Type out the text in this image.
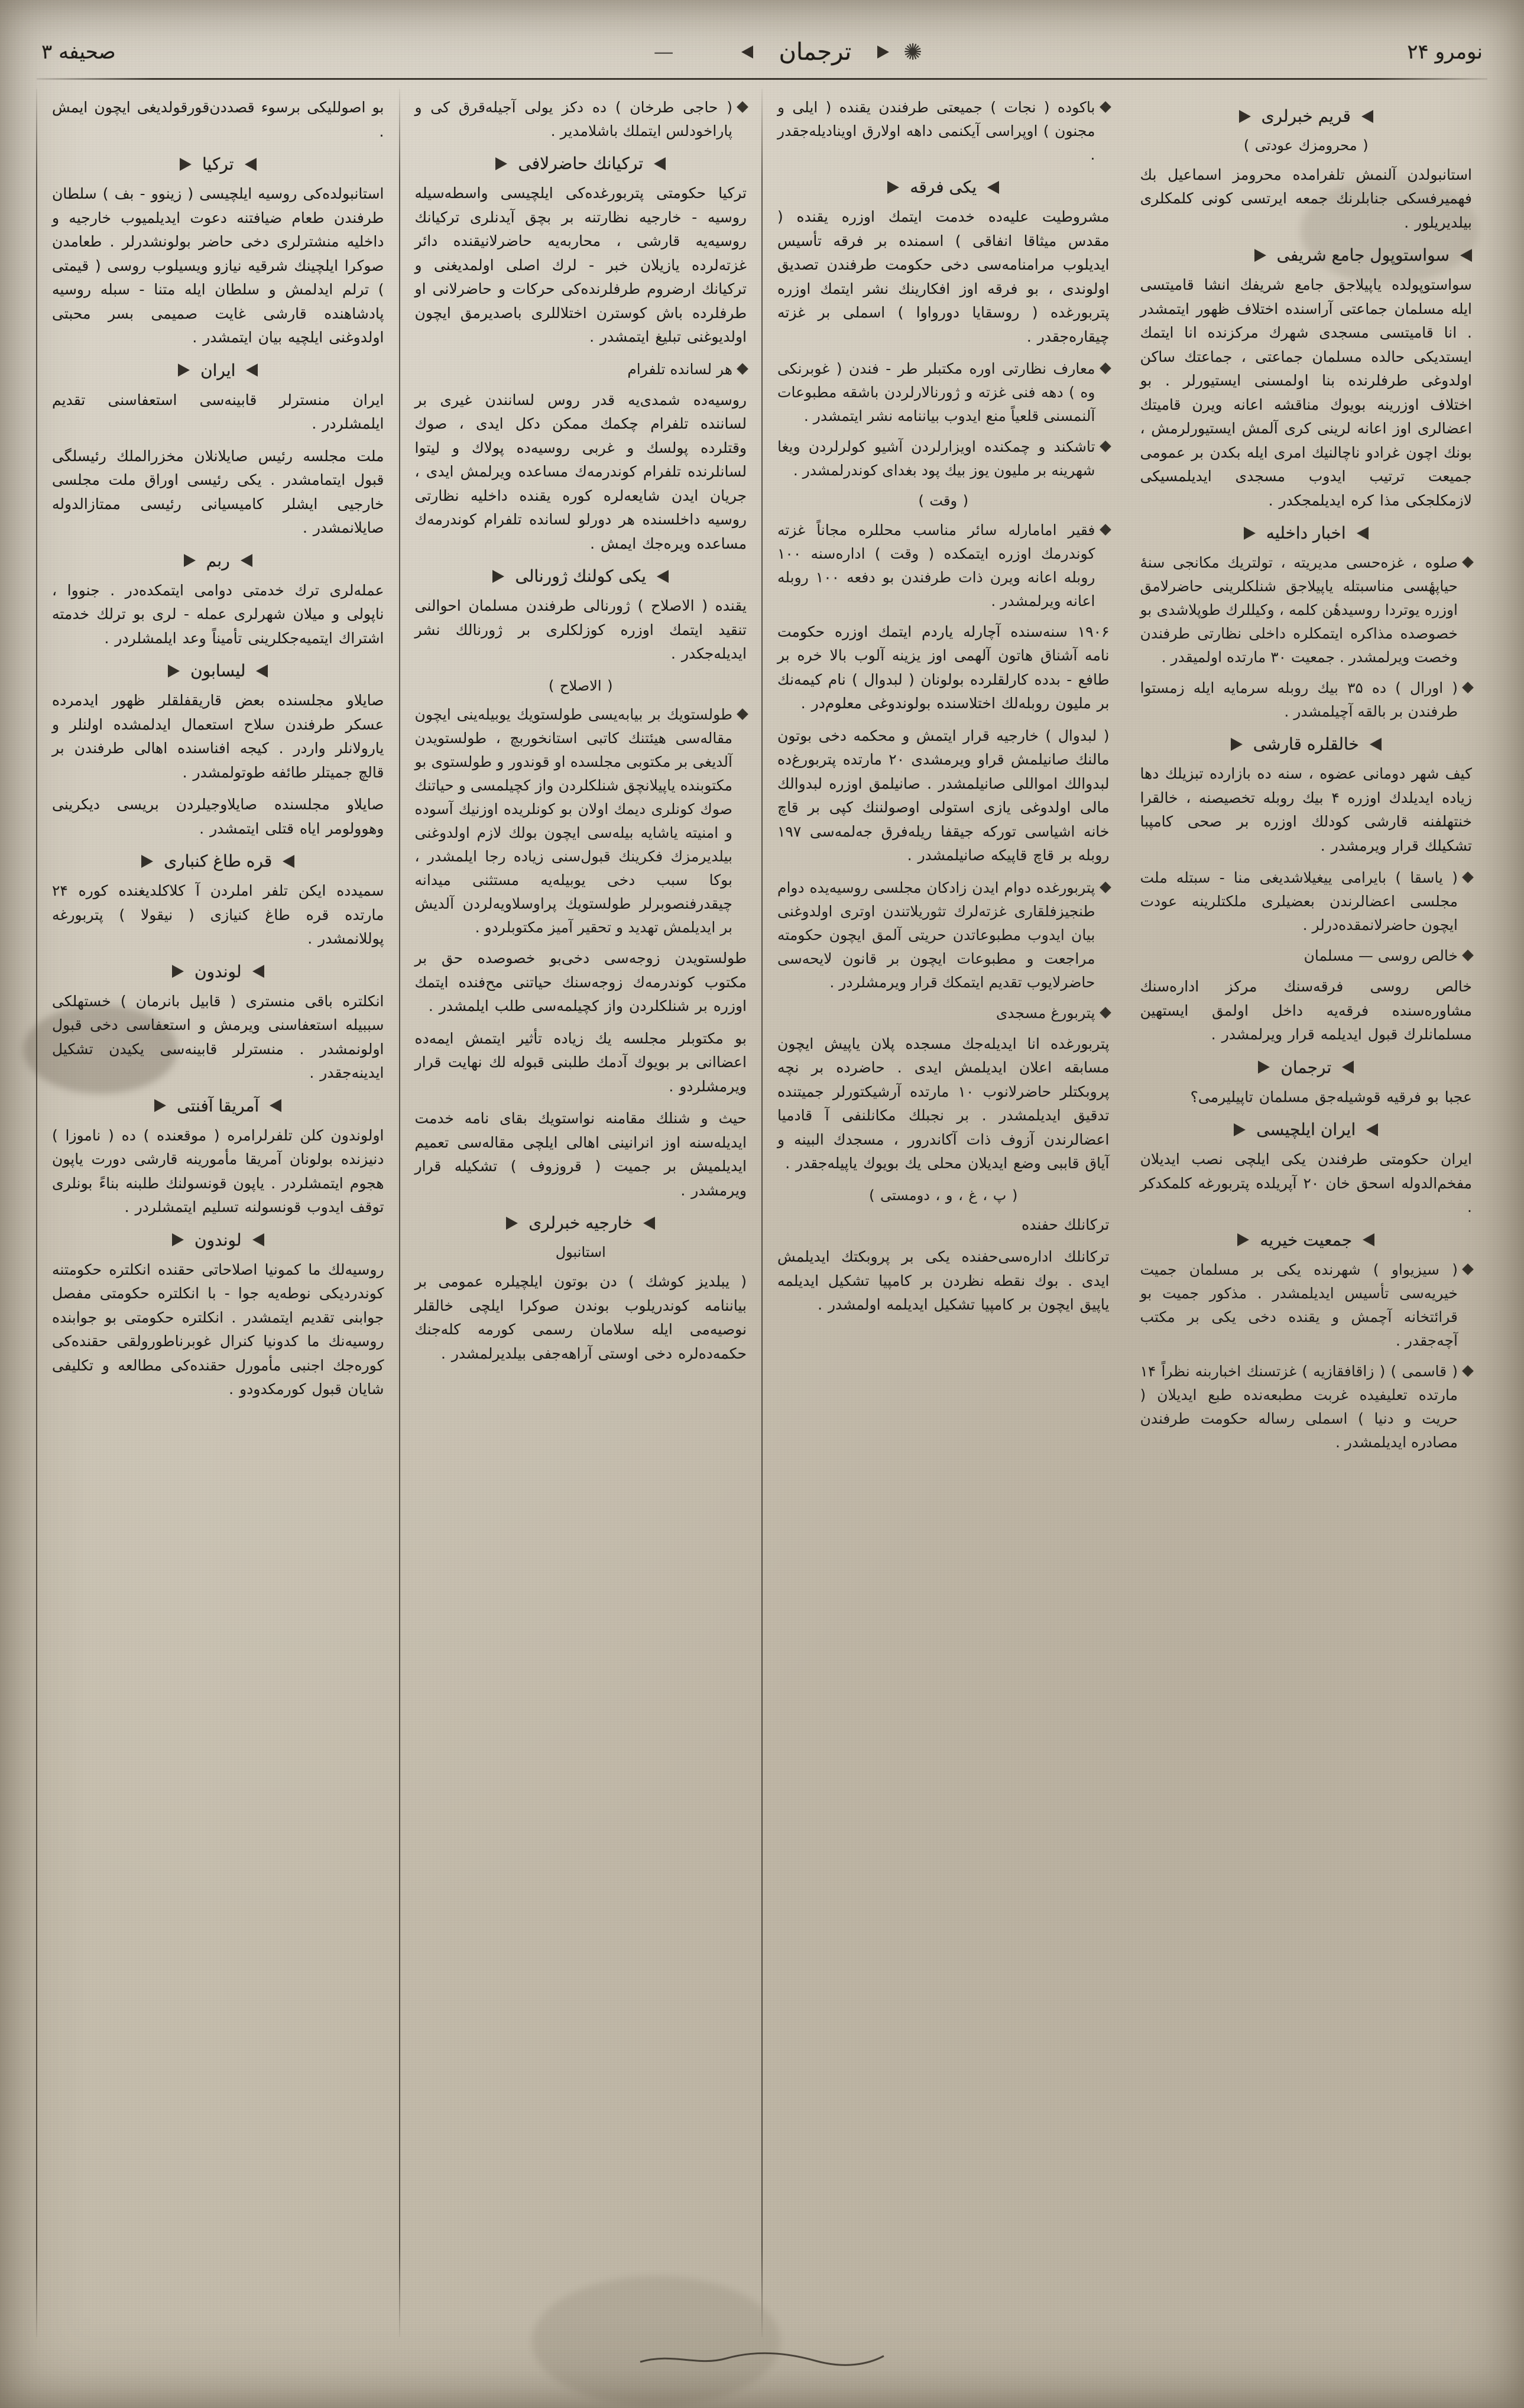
نومرو ۲۴
✺
ترجمان
—
صحیفه ۳
قریم خبرلری

( محرومزك عودتی )

استانبولدن آلنمش تلفرامده محرومز اسماعیل بك فهمیرفسكی جنابلرنك جمعه ایرتسی كونی كلمكلری بیلدیریلور .

سواستوپول جامع شریفی

سواستوپولده یاپیلاجق جامع شریفك انشا قامیتسی ایله مسلمان جماعتی آراسنده اختلاف ظهور ایتمشدر . انا قامیتسی مسجدی شهرك مركزنده انا ایتمك ایستدیكی حالده مسلمان جماعتی ، جماعتك ساكن اولدوغی طرفلرنده بنا اولمسنی ایستیورلر . بو اختلاف اوزرینه بویوك مناقشه اعانه ویرن قامیتك اعضالری اوز اعانه لرینی كری آلمش ایستیورلرمش ، بونك اچون غرادو ناچالنیك امری ایله بكدن بر عمومی جمیعت ترتیب ایدوب مسجدی ایدیلمسیكی لازمكلجكی مذا كره ایدیلمجكدر .

اخبار داخلیه
صلوه ، غزه‌حسی مدیریته ، تولتریك مكانجی سنهٔ حیاپهٔسی مناسبتله یاپیلاجق شنلكلرینی حاضرلامق اوزره یوتردا روسیدهٔن كلمه ، وكیللرك طوپلاشدی بو خصوصده مذاكره ایتمكلره داخلی نظارتی طرفندن وخصت ویرلمشدر . جمعیت ۳۰ مارتده اولمیقدر .
( اورال ) ده ۳۵ بیك روبله سرمایه ایله زمستوا طرفندن بر بالقه آچیلمشدر .
خالقلره قارشی

كیف شهر دومانی عضوه ، سنه ده بازارده تبزیلك دها زیاده ایدیلدك اوزره ۴ بیك روبله تخصیصنه ، خالقرا خنتهلفنه قارشی كودلك اوزره بر صحی كامپبا تشكیلك قرار ویرمشدر .

( یاسقا ) بایرامی ییغیلاشدیغی منا - سبتله ملت مجلسی اعضالرندن بعضیلری ملكتلرینه عودت ایچون حاضرلانمقده‌درلر .
خالص روسی — مسلمان

خالص روسی فرقه‌سنك مركز اداره‌سنك مشاوره‌سنده فرقه‌یه داخل اولمق ایستهین مسلمانلرك قبول ایدیلمه قرار ویرلمشدر .

ترجمان

عجبا بو فرقیه قوشیله‌جق مسلمان تاپیلیرمی؟

ایران ایلچیسی

ایران حكومتی طرفندن یكی ایلچی نصب ایدیلان مفخم‌الدوله اسحق خان ۲۰ آپریلده پتربورغه كلمكدكر .

جمعیت خیریه
( سیزیواو ) شهرنده یكی بر مسلمان جمیت خیریه‌سی تأسیس ایدیلمشدر . مذكور جمیت بو قرائتخانه آچمش و یقنده دخی یكی بر مكتب آچه‌جقدر .
( قاسمی ) ( زاقافقازیه ) غزتسنك اخباربنه نظراً ۱۴ مارتده تعلیفیده غربت مطبعه‌نده طبع ایدیلان ( حریت و دنیا ) اسملی رساله حكومت طرفندن مصادره ایدیلمشدر .
باكوده ( نجات ) جمیعتی طرفندن یقنده ( ایلی و مجنون ) اوپراسی آیكنمی داهه اولارق اوینادیله‌جقدر .
یكی فرقه

مشروطیت علیه‌ده خدمت ایتمك اوزره یقنده ( مقدس میثاقا انفاقی ) اسمنده بر فرقه تأسیس ایدیلوب مرامنامه‌سی دخی حكومت طرفندن تصدیق اولوندی ، بو فرقه اوز افكارینك نشر ایتمك اوزره پتربورغده ( روسقایا دورواوا ) اسملی بر غزته چیقاره‌جقدر .

معارف نظارتی اوره مكتبلر طر - فندن ( غوبرنكی وه ) دهه فنی غزته و ژورنالارلردن باشقه مطبوعات آلنمسنی قلعیاً منع ایدوب بیاننامه نشر ایتمشدر .
تاشكند و چمكنده اویزارلردن آشیو كولرلردن ویغا شهرینه بر ملیون یوز بیك پود بغدای كوندرلمشدر .

( وقت )

فقیر امامارله سائر مناسب محللره مجاناً غزته كوندرمك اوزره ایتمكده ( وقت ) اداره‌سنه ۱۰۰ روبله اعانه ویرن ذات طرفندن بو دفعه ۱۰۰ روبله اعانه ویرلمشدر .

۱۹۰۶ سنه‌سنده آچارله یاردم ایتمك اوزره حكومت نامه آشناق هاتون آلهمی اوز یزینه آلوب بالا خره بر طافع - بدده كارلقلرده بولونان ( لبدوال ) نام كیمه‌نك بر ملیون روبله‌لك اختلاسنده بولوندوغی معلوم‌در .

( لبدوال ) خارجیه قرار ایتمش و محكمه دخی بوتون مالنك صانیلمش قراو ویرمشدی ۲۰ مارتده پتربورغ‌ده لبدوالك امواللی صانیلمشدر . صانیلمق اوزره لبدوالك مالی اولدوغی یازی استولی اوصولننك كپی بر قاچ خانه اشیاسی توركه جیقفا ریله‌فرق جه‌لمه‌سی ۱۹۷ روبله بر قاچ قاپیكه صانیلمشدر .

پتربورغده دوام ایدن زادكان مجلسی روسیه‌یده دوام طنجیزفلقاری غزته‌لرك تثوریلاتندن اوتری اولدوغنی بیان ایدوب مطبوعاتدن حریتی آلمق ایچون حكومته مراجعت و مطبوعات ایچون بر قانون لایحه‌سی حاضرلایوب تقدیم ایتمكك قرار ویرمشلردر .
پتربورغ مسجدی

پتربورغده انا ایدیله‌جك مسجده پلان یاپیش ایچون مسابقه اعلان ایدیلمش ایدی . حاضرده بر نچه پروبكتلر حاضرلانوب ۱۰ مارتده آرشیكتورلر جمیتنده تدقیق ایدیلمشدر . بر نجبلك مكانلنفی آ قادمیا اعضالرندن آزوف ذات آكاندرور ، مسجدك البینه و آیاق قاببی وضع ایدیلان محلی یك بویوك یاپیله‌جقدر .

( پ ، غ ، و ، دومستی )

تركانلك حفنده

تركانلك اداره‌سی‌حفنده یكی بر پروبكتك ایدیلمش ایدی . بوك نقطه نظردن بر كامپیا تشكیل ایدیلمه یاپیق ایچون بر كامپیا تشكیل ایدیلمه اولمشدر .

( حاجی طرخان ) ده دكز یولی آجیله‌قرق كی و پاراخودلس ایتملك باشلامدیر .
تركیانك حاضرلافی

تركیا حكومتی پتربورغده‌كی ایلچیسی واسطه‌سیله روسیه - خارجیه نظارتنه بر بچق آیدنلری تركیانك روسیه‌یه قارشی ، محاربه‌یه حاضرلانیقنده دائر غزته‌لرده یازیلان خبر - لرك اصلی اولمدیغنی و تركیانك ارضروم طرفلرنده‌كی حركات و حاضرلانی او طرفلرده باش كوسترن اختلاللری باصدیرمق ایچون اولدیوغنی تبلیغ ایتمشدر .

هر لسانده تلفرام

روسیه‌ده شمدی‌یه قدر روس لسانندن غیری بر لساننده تلفرام چكمك ممكن دكل ایدی ، صوك وقتلرده پولسك و غربی روسیه‌ده پولاك و لیتوا لسانلرنده تلفرام كوندرمه‌ك مساعده ویرلمش ایدی ، جریان ایدن شایعه‌لره كوره یقنده داخلیه نظارتی روسیه داخلسنده هر دورلو لسانده تلفرام كوندرمه‌ك مساعده ویره‌جك ایمش .

یكی كولنك ژورنالی

یقنده ( الاصلاح ) ژورنالی طرفندن مسلمان احوالنی تنقید ایتمك اوزره كوزلكلری بر ژورنالك نشر ایدیله‌جكدر .

( الاصلاح )

طولستویك بر بیابه‌یسی طولستویك یوبیله‌ینی ایچون مقاله‌سی هیئتنك كاتبی استانخوربچ ، طولستویدن آلدیغی بر مكتوبی مجلسده او قوندور و طولستوی بو مكتوبنده یاپیلانچق شنلكلردن واز كچیلمسی و حیاتنك صوك كونلری دیمك اولان بو كونلریده اوزنیك آسوده و امنیته یاشایه بیله‌سی ایچون بولك لازم اولدوغنی بیلدیرمزك فكرینك قبول‌سنی زیاده رجا ایلمشدر ، بوكا سبب دخی یوبیله‌یه مستثنی میدانه چیقدرفنصوبرلر طولستویك پراوسلاویه‌لردن آلدیش بر ایدیلمش تهدید و تحقیر آمیز مكتوبلردو .

طولستویدن زوجه‌سی دخی‌بو خصوصده حق بر مكتوب كوندرمه‌ك زوجه‌سنك حیاتنی مح‌فنده ایتمك اوزره بر شنلكلردن واز كچیلمه‌سی طلب ایلمشدر .

بو مكتوبلر مجلسه یك زیاده تأثیر ایتمش ایمه‌ده اعضاانی بر بویوك آدمك طلبنی قبوله لك نهایت قرار ویرمشلردو .

حیث و شنلك مقامنه نوا‌ستویك بقای نامه خدمت ایدیله‌سنه اوز انرانینی اهالی ایلچی مقاله‌سی تعمیم ایدیلمیش بر جمیت ( قروزوف ) تشكیله قرار ویرمشدر .

خارجیه خبرلری

استانبول

( یبلدیز كوشك ) دن بوتون ایلچیلره عمومی بر بیاننامه كوندریلوب بوندن صوكرا ایلچی خالقلر نوصیه‌می ایله سلامان رسمی كورمه كله‌جنك حكمه‌ده‌لره دخی اوستی آراهه‌جفی بیلدیرلمشدر .

بو اصوللیكی برسوء قصددن‌قورقولدیغی ایچون ایمش .

تركیا

استانبولده‌كی روسیه ایلچیسی ( زینوو - بف ) سلطان طرفندن طعام ضیافتنه دعوت ایدیلمیوب خارجیه و داخلیه منشترلری دخی حاضر بولونشدرلر . طعامدن صوكرا ایلچینك شرقیه نیازو ویسیلوب روسی ( قیمتی ) ترلم ایدلمش و سلطان ایله متنا - سبله روسیه پادشاهنده قارشی غایت صمیمی بسر محبتی اولدوغنی ایلچیه بیان ایتمشدر .

ایران

ایران منسترلر قابینه‌سی استعفاسنی تقدیم ایلمشلردر .

ملت مجلسه رئیس صایلانلان مخزرالملك رئیسلگی قبول ایتمامشدر . یكی رئیسی اوراق ملت مجلسی خارجیی ایشلر كامیسیانی رئیسی ممتازالدوله صایلانمشدر .

ربم

عمله‌لری ترك خدمتی دوامی ایتمكده‌در . جنووا ، ناپولی و میلان شهرلری عمله - لری بو ترلك خدمته اشتراك ایتمیه‌جكلرینی تأمیناً وعد ایلمشلردر .

لیسابون

صایلاو مجلسنده بعض قاریقفلقلر ظهور ایدمرده عسكر طرفندن سلاح استعمال ایدلمشده اولنلر و یارولانلر واردر . كیجه افناسنده اهالی طرفندن بر قالچ جمیتلر طائفه طوتولمشدر .

صایلاو مجلسنده صایلاوجیلردن بریسی دیكرینی وهوولومر ایاه قتلی ایتمشدر .

قره طاغ كنباری

سمیدده ایكن تلفر املردن آ كلاكلدیغنده كوره ۲۴ مارتده قره طاغ كنیازی ( نیقولا ) پتربورغه پوللانمشدر .

لوندون

انكلتره باقی منستری ( قابیل بانرمان ) خستهلكی سببیله استعفاسنی ویرمش و استعفاسی دخی قبول اولونمشدر . منسترلر قابینه‌سی یكیدن تشكیل ایدینه‌جقدر .

آمریقا آفنتی

اولوندون كلن تلفرلرامره ( موقعنده ) ده ( ناموزا ) دنیزنده بولونان آمریقا مأمورینه قارشی دورت یاپون هجوم ایتمشلردر . یاپون قونسولنك طلبنه بناءً بونلری توقف ایدوب قونسولنه تسلیم ایتمشلردر .

لوندون

روسیه‌لك ما كمونیا اصلاحاتی حقنده انكلتره حكومتنه كوندردیكی نوطه‌یه جوا - با انكلتره حكومتی مفصل جوابنی تقدیم ایتمشدر . انكلتره حكومتی بو جوابنده روسیه‌نك ما كدونیا كنرال غوبرناطورولقی حقنده‌كی كوره‌جك اجنبی مأمورل حقنده‌كی مطالعه و تكلیفی شایان قبول كورمكدودو .
